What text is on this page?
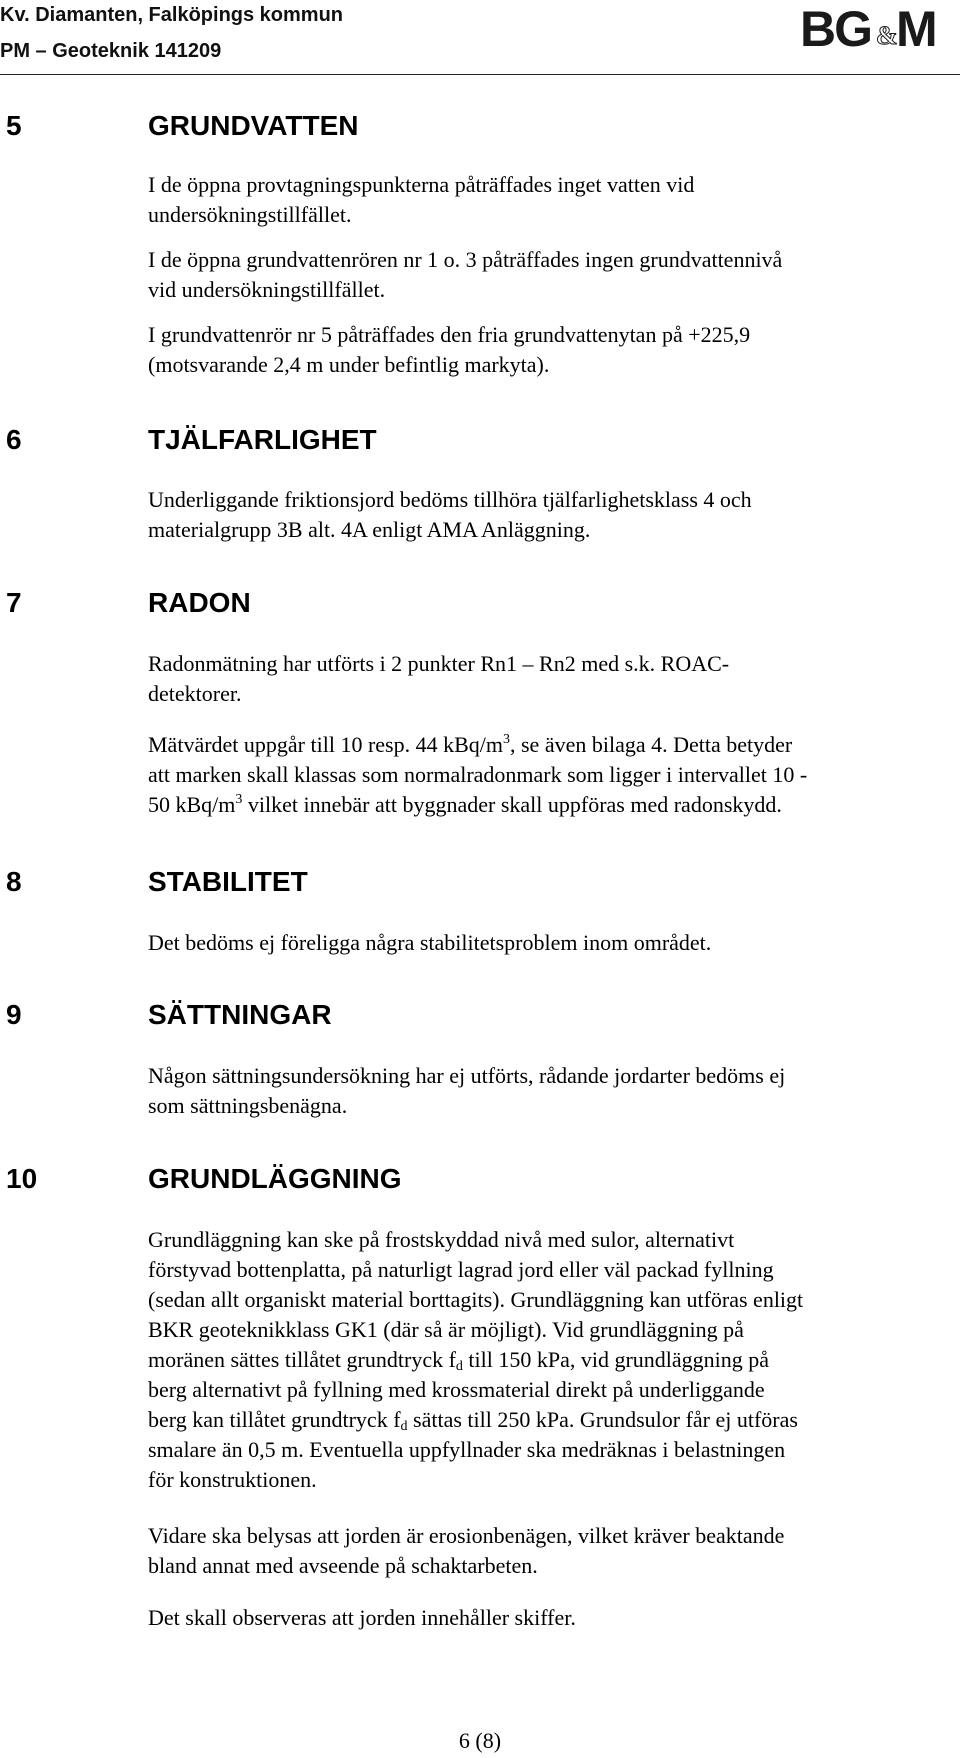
Kv. Diamanten, Falköpings kommun
PM – Geoteknik 141209	BG M
&
5	GRUNDVATTEN
I de öppna provtagningspunkterna påträffades inget vatten vid
undersökningstillfället.
I de öppna grundvattenrören nr 1 o. 3 påträffades ingen grundvattennivå
vid undersökningstillfället.
I grundvattenrör nr 5 påträffades den fria grundvattenytan på +225,9
(motsvarande 2,4 m under befintlig markyta).
6	TJÄLFARLIGHET
Underliggande friktionsjord bedöms tillhöra tjälfarlighetsklass 4 och
materialgrupp 3B alt. 4A enligt AMA Anläggning.
7	RADON
Radonmätning har utförts i 2 punkter Rn1 – Rn2 med s.k. ROAC-
detektorer.
Mätvärdet uppgår till 10 resp. 44 kBq/$m^3$, se även bilaga 4. Detta betyder
att marken skall klassas som normalradonmark som ligger i intervallet 10 -
50 kBq/$m^3$ vilket innebär att byggnader skall uppföras med radonskydd.
8	STABILITET
Det bedöms ej föreligga några stabilitetsproblem inom området.
9	SÄTTNINGAR
Någon sättningsundersökning har ej utförts, rådande jordarter bedöms ej
som sättningsbenägna.
10	GRUNDLÄGGNING
Grundläggning kan ske på frostskyddad nivå med sulor, alternativt
förstyvad bottenplatta, på naturligt lagrad jord eller väl packad fyllning
(sedan allt organiskt material borttagits). Grundläggning kan utföras enligt
BKR geoteknikklass GK1 (där så är möjligt). Vid grundläggning på
moränen sättes tillåtet grundtryck $f_d$ till 150 kPa, vid grundläggning på
berg alternativt på fyllning med krossmaterial direkt på underliggande
berg kan tillåtet grundtryck $f_d$ sättas till 250 kPa. Grundsulor får ej utföras
smalare än 0,5 m. Eventuella uppfyllnader ska medräknas i belastningen
för konstruktionen.
Vidare ska belysas att jorden är erosionbenägen, vilket kräver beaktande
bland annat med avseende på schaktarbeten.
Det skall observeras att jorden innehåller skiffer.
6 (8)
